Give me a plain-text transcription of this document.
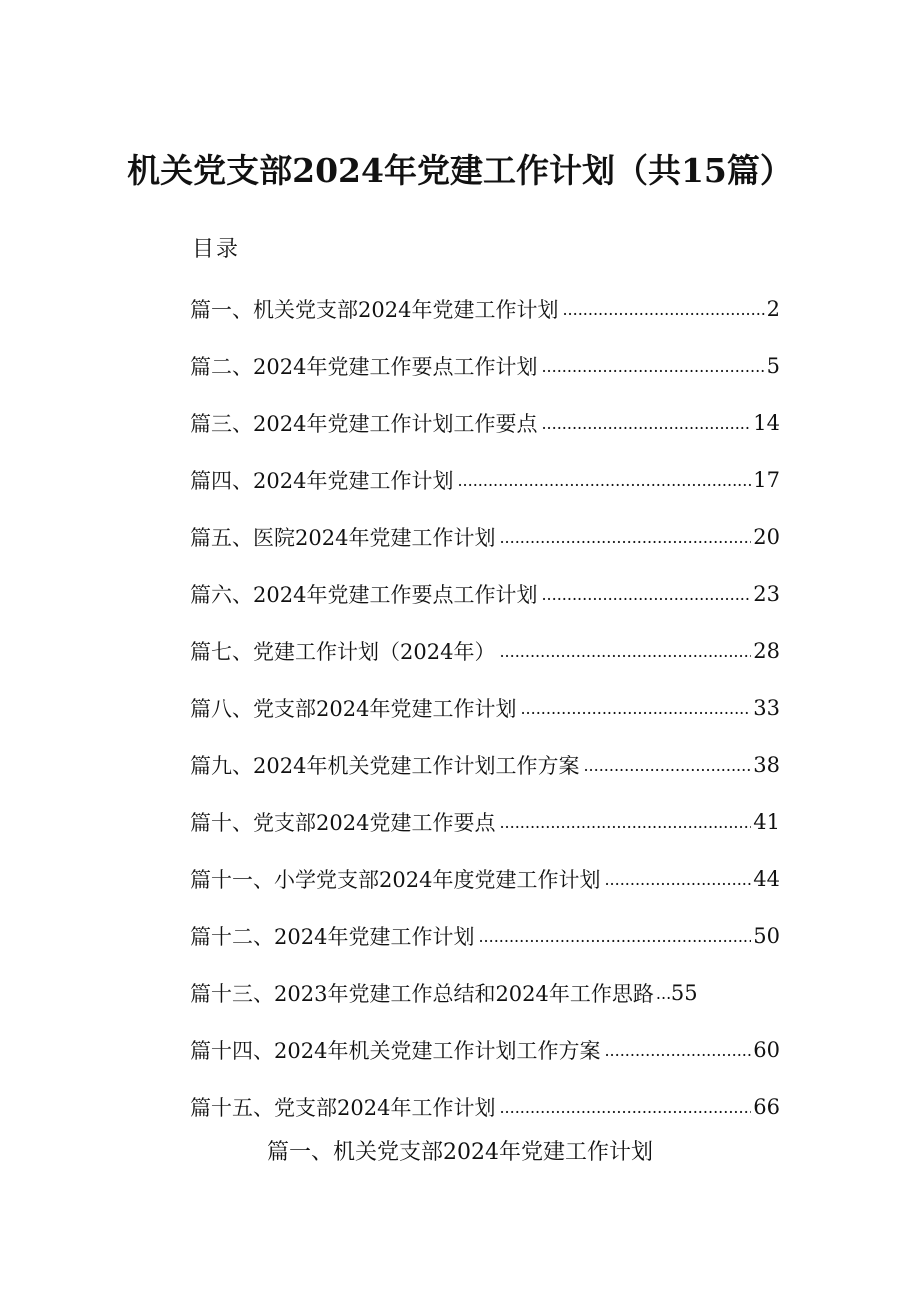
机关党支部2024年党建工作计划（共15篇）
目录
篇一、机关党支部2024年党建工作计划 .....	2
篇二、2024年党建工作要点工作计划 .....	5
篇三、2024年党建工作计划工作要点 .....	14
篇四、2024年党建工作计划 .....	17
篇五、医院2024年党建工作计划 .....	20
篇六、2024年党建工作要点工作计划 .....	23
篇七、党建工作计划（2024年） .....	28
篇八、党支部2024年党建工作计划 .....	33
篇九、2024年机关党建工作计划工作方案 .....	38
篇十、党支部2024党建工作要点 .....	41
篇十一、小学党支部2024年度党建工作计划 .....	44
篇十二、2024年党建工作计划 .....	50
篇十三、2023年党建工作总结和2024年工作思路 ..... 55
篇十四、2024年机关党建工作计划工作方案 .....	60
篇十五、党支部2024年工作计划 .....	66
篇一、机关党支部2024年党建工作计划
